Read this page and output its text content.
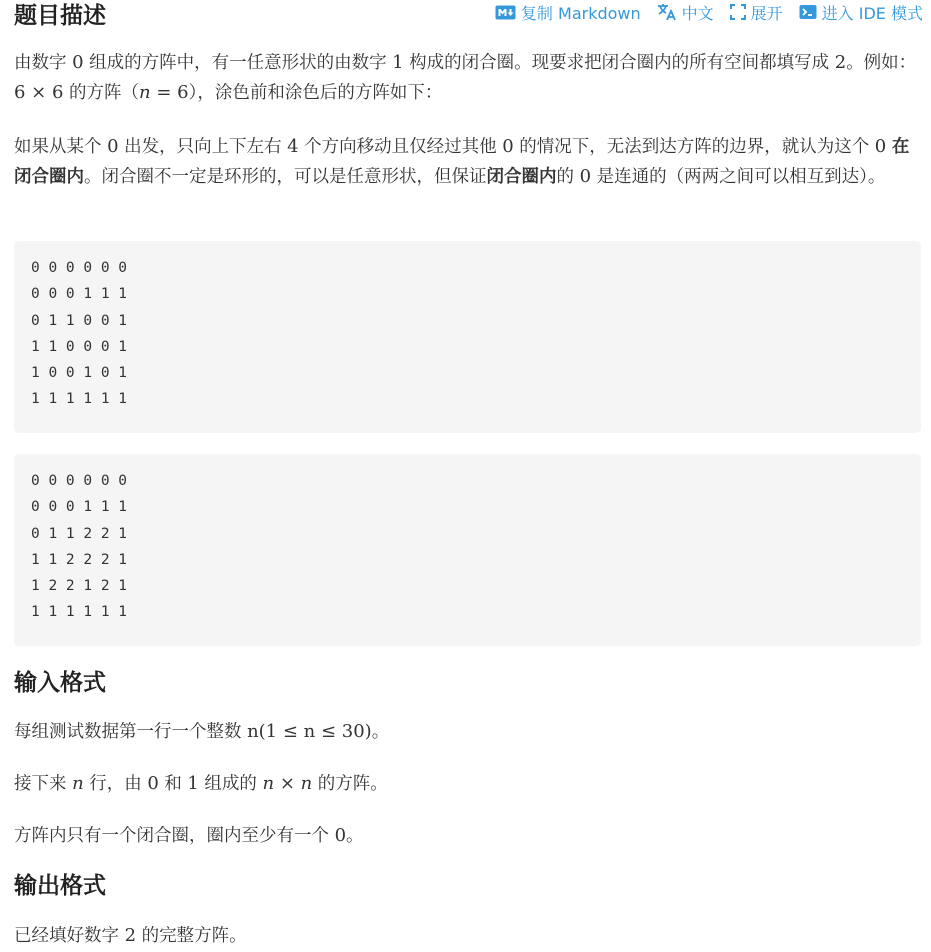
题目描述	复制 Markdown	中文 展开 进入 IDE 模式

由数字 0 组成的方阵中，有一任意形状的由数字 1 构成的闭合圈。现要求把闭合圈内的所有空间都填写成 2。例如：6 × 6 的方阵（n = 6），涂色前和涂色后的方阵如下：

如果从某个 0 出发，只向上下左右 4 个方向移动且仅经过其他 0 的情况下，无法到达方阵的边界，就认为这个 0 在闭合圈内。闭合圈不一定是环形的，可以是任意形状，但保证闭合圈内的 0 是连通的（两两之间可以相互到达）。

0 0 0 0 0 0
0 0 0 1 1 1
0 1 1 0 0 1
1 1 0 0 0 1
1 0 0 1 0 1
1 1 1 1 1 1
0 0 0 0 0 0
0 0 0 1 1 1
0 1 1 2 2 1
1 1 2 2 2 1
1 2 2 1 2 1
1 1 1 1 1 1
输入格式

每组测试数据第一行一个整数 n(1 ≤ n ≤ 30)。

接下来 n 行，由 0 和 1 组成的 n × n 的方阵。

方阵内只有一个闭合圈，圈内至少有一个 0。

输出格式

已经填好数字 2 的完整方阵。
